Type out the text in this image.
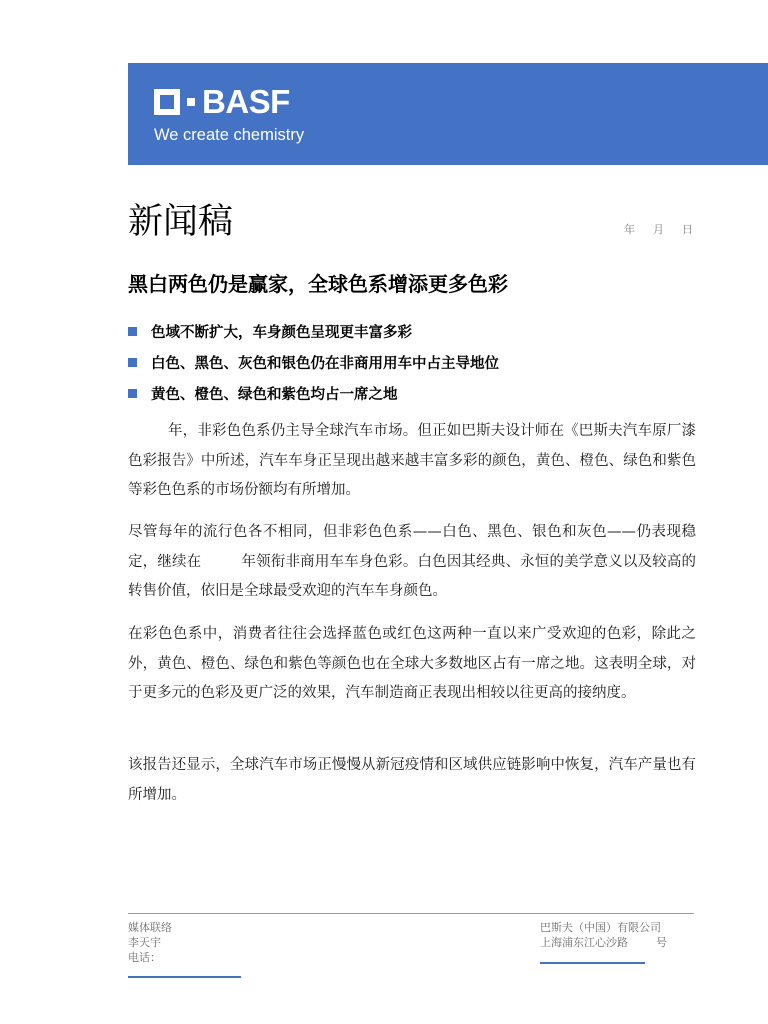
BASF
We create chemistry
新闻稿	年 月 日
黑白两色仍是赢家，全球色系增添更多色彩
色域不断扩大，车身颜色呈现更丰富多彩
白色、黑色、灰色和银色仍在非商用用车中占主导地位
黄色、橙色、绿色和紫色均占一席之地

年，非彩色色系仍主导全球汽车市场。但正如巴斯夫设计师在《巴斯夫汽车原厂漆色彩报告》中所述，汽车车身正呈现出越来越丰富多彩的颜色，黄色、橙色、绿色和紫色等彩色色系的市场份额均有所增加。

尽管每年的流行色各不相同，但非彩色色系——白色、黑色、银色和灰色——仍表现稳定，继续在	年领衔非商用车车身色彩。白色因其经典、永恒的美学意义以及较高的转售价值，依旧是全球最受欢迎的汽车车身颜色。

在彩色色系中，消费者往往会选择蓝色或红色这两种一直以来广受欢迎的色彩，除此之外，黄色、橙色、绿色和紫色等颜色也在全球大多数地区占有一席之地。这表明全球，对于更多元的色彩及更广泛的效果，汽车制造商正表现出相较以往更高的接纳度。

该报告还显示，全球汽车市场正慢慢从新冠疫情和区域供应链影响中恢复，汽车产量也有所增加。

媒体联络
李天宇
电话：
巴斯夫（中国）有限公司
上海浦东江心沙路	号
